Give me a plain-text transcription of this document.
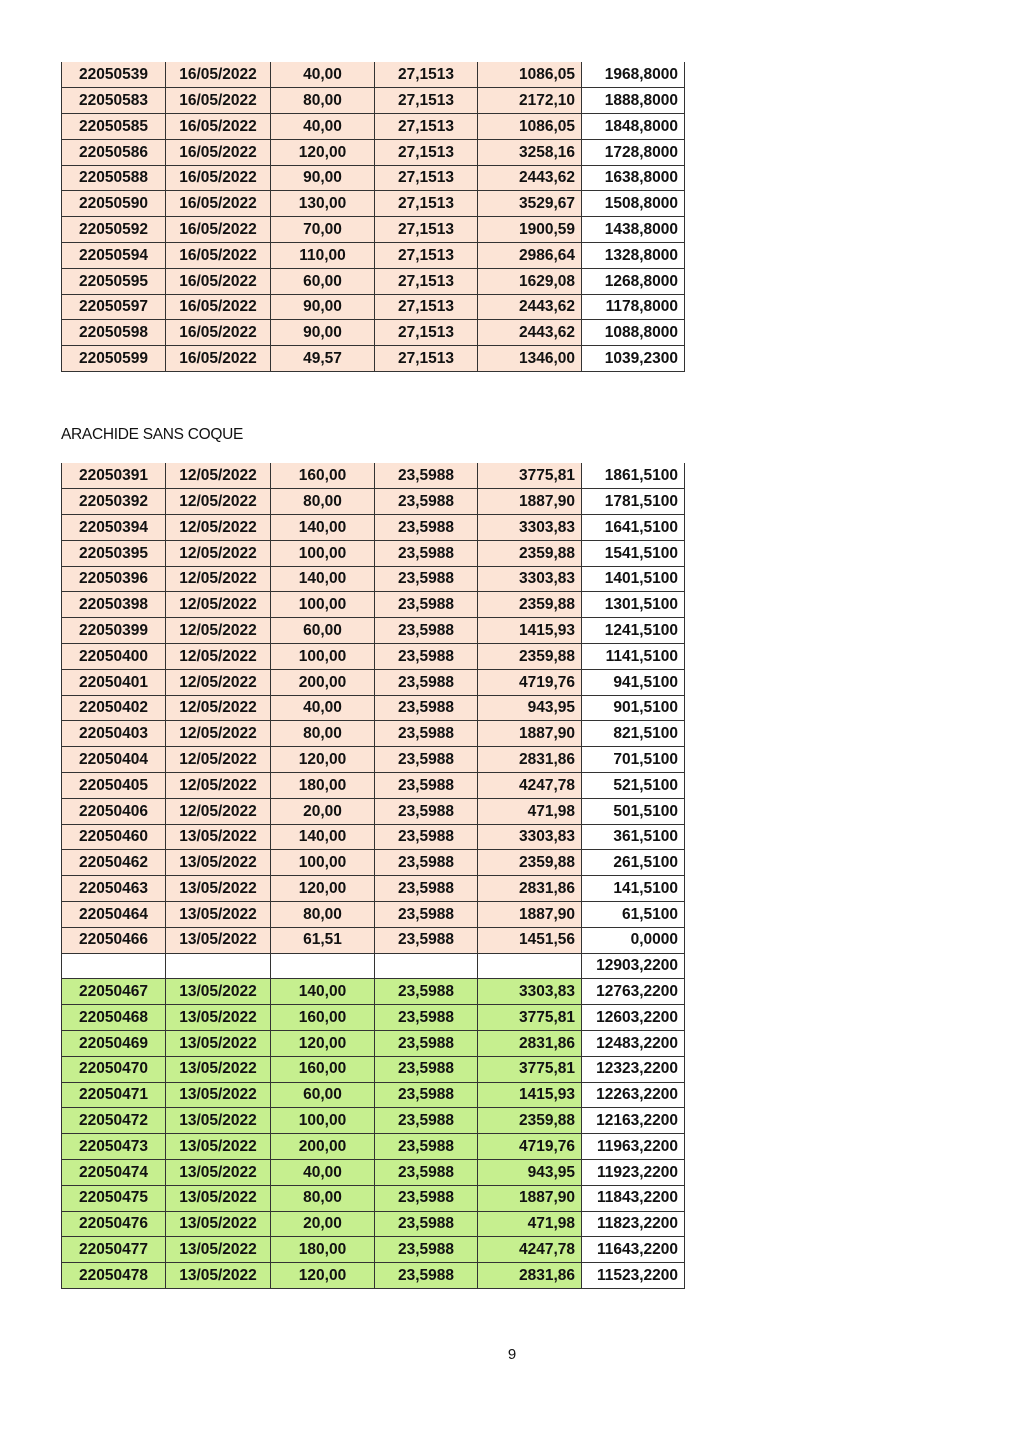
22050539	16/05/2022	40,00	27,1513	1086,05	1968,8000
22050583	16/05/2022	80,00	27,1513	2172,10	1888,8000
22050585	16/05/2022	40,00	27,1513	1086,05	1848,8000
22050586	16/05/2022	120,00	27,1513	3258,16	1728,8000
22050588	16/05/2022	90,00	27,1513	2443,62	1638,8000
22050590	16/05/2022	130,00	27,1513	3529,67	1508,8000
22050592	16/05/2022	70,00	27,1513	1900,59	1438,8000
22050594	16/05/2022	110,00	27,1513	2986,64	1328,8000
22050595	16/05/2022	60,00	27,1513	1629,08	1268,8000
22050597	16/05/2022	90,00	27,1513	2443,62	1178,8000
22050598	16/05/2022	90,00	27,1513	2443,62	1088,8000
22050599	16/05/2022	49,57	27,1513	1346,00	1039,2300
ARACHIDE SANS COQUE
22050391	12/05/2022	160,00	23,5988	3775,81	1861,5100
22050392	12/05/2022	80,00	23,5988	1887,90	1781,5100
22050394	12/05/2022	140,00	23,5988	3303,83	1641,5100
22050395	12/05/2022	100,00	23,5988	2359,88	1541,5100
22050396	12/05/2022	140,00	23,5988	3303,83	1401,5100
22050398	12/05/2022	100,00	23,5988	2359,88	1301,5100
22050399	12/05/2022	60,00	23,5988	1415,93	1241,5100
22050400	12/05/2022	100,00	23,5988	2359,88	1141,5100
22050401	12/05/2022	200,00	23,5988	4719,76	941,5100
22050402	12/05/2022	40,00	23,5988	943,95	901,5100
22050403	12/05/2022	80,00	23,5988	1887,90	821,5100
22050404	12/05/2022	120,00	23,5988	2831,86	701,5100
22050405	12/05/2022	180,00	23,5988	4247,78	521,5100
22050406	12/05/2022	20,00	23,5988	471,98	501,5100
22050460	13/05/2022	140,00	23,5988	3303,83	361,5100
22050462	13/05/2022	100,00	23,5988	2359,88	261,5100
22050463	13/05/2022	120,00	23,5988	2831,86	141,5100
22050464	13/05/2022	80,00	23,5988	1887,90	61,5100
22050466	13/05/2022	61,51	23,5988	1451,56	0,0000
					12903,2200
22050467	13/05/2022	140,00	23,5988	3303,83	12763,2200
22050468	13/05/2022	160,00	23,5988	3775,81	12603,2200
22050469	13/05/2022	120,00	23,5988	2831,86	12483,2200
22050470	13/05/2022	160,00	23,5988	3775,81	12323,2200
22050471	13/05/2022	60,00	23,5988	1415,93	12263,2200
22050472	13/05/2022	100,00	23,5988	2359,88	12163,2200
22050473	13/05/2022	200,00	23,5988	4719,76	11963,2200
22050474	13/05/2022	40,00	23,5988	943,95	11923,2200
22050475	13/05/2022	80,00	23,5988	1887,90	11843,2200
22050476	13/05/2022	20,00	23,5988	471,98	11823,2200
22050477	13/05/2022	180,00	23,5988	4247,78	11643,2200
22050478	13/05/2022	120,00	23,5988	2831,86	11523,2200
9
